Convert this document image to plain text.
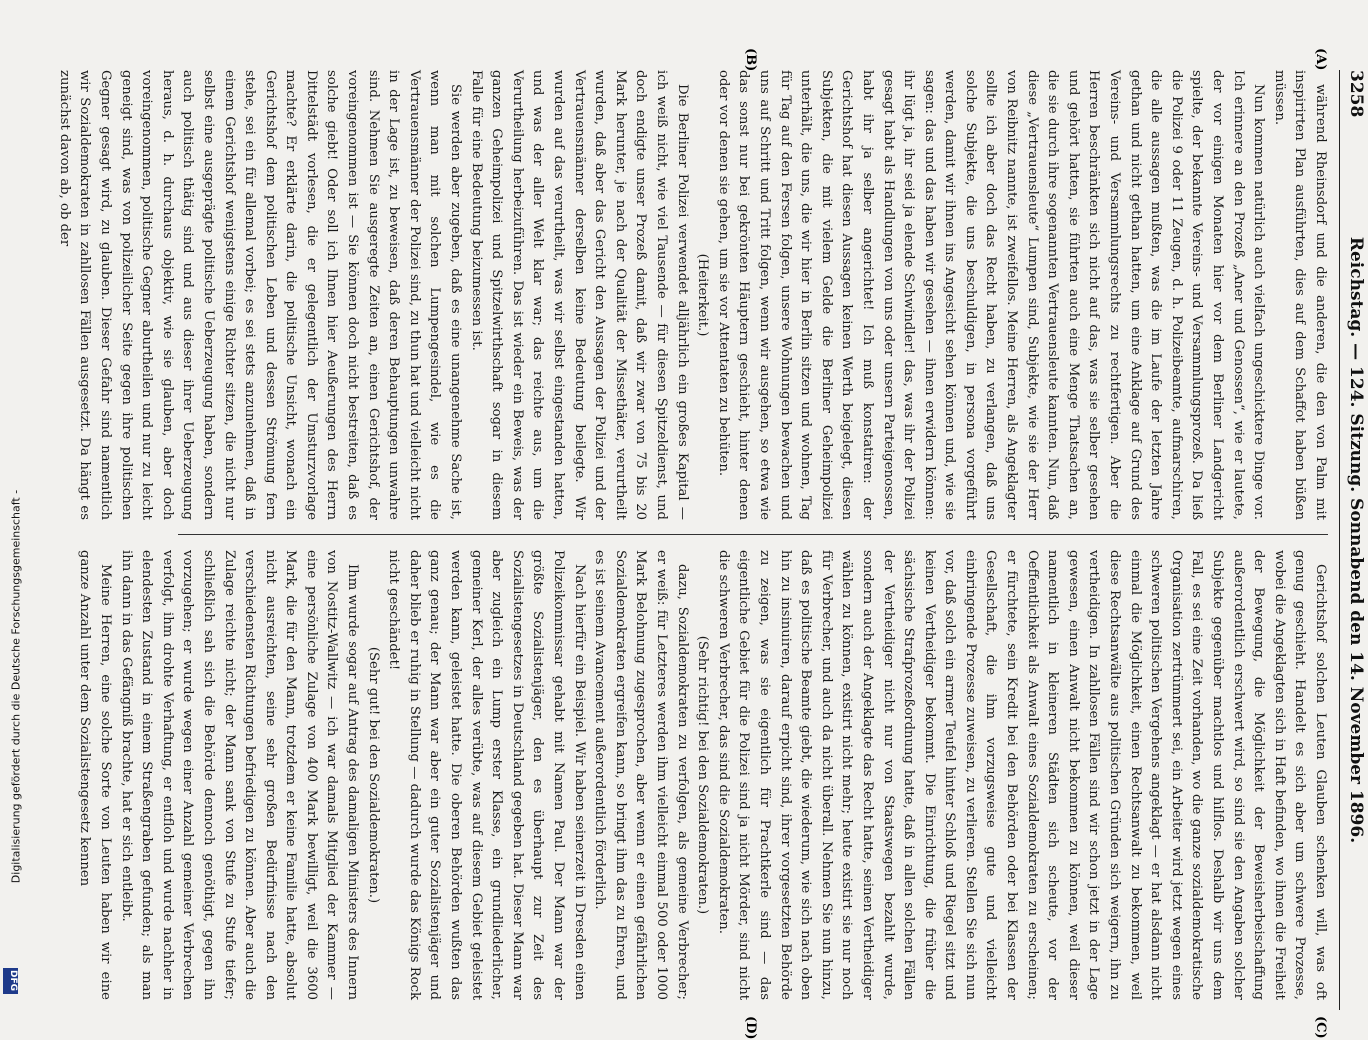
3258
Reichstag. — 124. Sitzung. Sonnabend den 14. November 1896.
(A)
(B)
(C)
(D)

während Rheinsdorf und die anderen, die den von Palm mit inspirirten Plan ausführten, dies auf dem Schaffot haben büßen müssen.

Nun kommen natürlich auch vielfach ungeschicktere Dinge vor. Ich erinnere an den Prozeß „Aner und Genossen“, wie er lautete, der vor einigen Monaten hier vor dem Berliner Landgericht spielte, der bekannte Vereins- und Versammlungsprozeß. Da ließ die Polizei 9 oder 11 Zeugen, d. h. Polizeibeamte, aufmarschiren, die alle aussagen mußten, was die im Laufe der letzten Jahre gethan und nicht gethan hatten, um eine Anklage auf Grund des Vereins- und Versammlungsrechts zu rechtfertigen. Aber die Herren beschränkten sich nicht auf das, was sie selber gesehen und gehört hatten, sie führten auch eine Menge Thatsachen an, die sie durch ihre sogenannten Vertrauensleute kannten. Nun, daß diese „Vertrauensleute“ Lumpen sind, Subjekte, wie sie der Herr von Reibnitz nannte, ist zweifellos. Meine Herren, als Angeklagter sollte ich aber doch das Recht haben, zu verlangen, daß uns solche Subjekte, die uns beschuldigen, in persona vorgeführt werden, damit wir ihnen ins Angesicht sehen können und, wie sie sagen: das und das haben wir gesehen — ihnen erwidern können: ihr lügt ja, ihr seid ja elende Schwindler! das, was ihr der Polizei gesagt habt als Handlungen von uns oder unsern Parteigenossen, habt ihr ja selber angerichtet! Ich muß konstatiren: der Gerichtshof hat diesen Aussagen keinen Werth beigelegt, diesen Subjekten, die mit vielem Gelde die Berliner Geheimpolizei unterhält, die uns, die wir hier in Berlin sitzen und wohnen, Tag für Tag auf den Fersen folgen, unsere Wohnungen bewachen und uns auf Schritt und Tritt folgen, wenn wir ausgehen, so etwa wie das sonst nur bei gekrönten Häuptern geschieht, hinter denen oder vor denen sie gehen, um sie vor Attentaten zu behüten.

(Heiterkeit.)

Die Berliner Polizei verwendet alljährlich ein großes Kapital — ich weiß nicht, wie viel Tausende — für diesen Spitzeldienst, und doch endigte unser Prozeß damit, daß wir zwar von 75 bis 20 Mark herunter, je nach der Qualität der Missethäter, verurtheilt wurden, daß aber das Gericht den Aussagen der Polizei und der Vertrauensmänner derselben keine Bedeutung beilegte. Wir wurden auf das verurtheilt, was wir selbst eingestanden hatten, und was der aller Welt klar war; das reichte aus, um die Verurtheilung herbeizuführen. Das ist wieder ein Beweis, was der ganzen Geheimpolizei und Spitzelwirthschaft sogar in diesem Falle für eine Bedeutung beizumessen ist.

Sie werden aber zugeben, daß es eine unangenehme Sache ist, wenn man mit solchen Lumpengesindel, wie es die Vertrauensmänner der Polizei sind, zu thun hat und vielleicht nicht in der Lage ist, zu beweisen, daß deren Behauptungen unwahre sind. Nehmen Sie ausgeregte Zeiten an, einen Gerichtshof, der voreingenommen ist — Sie können doch nicht bestreiten, daß es solche giebt! Oder soll ich Ihnen hier Aeußerungen des Herrn Dittelstädt vorlesen, die er gelegentlich der Umsturzvorlage machte? Er erklärte darin, die politische Unsicht, wonach ein Gerichtshof dem politischen Leben und dessen Strömung fern stehe, sei ein für allemal vorbei; es sei stets anzunehmen, daß in einem Gerichtshof wenigstens einige Richter sitzen, die nicht nur selbst eine ausgeprägte politische Ueberzeugung haben, sondern auch politisch thätig sind und aus dieser ihrer Ueberzeugung heraus, d. h. durchaus objektiv, wie sie glauben, aber doch voreingenommen, politische Gegner aburtheilen und nur zu leicht geneigt sind, was von polizeilicher Seite gegen ihre politischen Gegner gesagt wird, zu glauben. Dieser Gefahr sind namentlich wir Sozialdemokraten in zahllosen Fällen ausgesetzt. Da hängt es zunächst davon ab, ob der

Gerichtshof solchen Leuten Glauben schenken will, was oft genug geschieht. Handelt es sich aber um schwere Prozesse, wobei die Angeklagten sich in Haft befinden, wo ihnen die Freiheit der Bewegung, die Möglichkeit der Beweisherbeischaffung außerordentlich erschwert wird, so sind sie den Angaben solcher Subjekte gegenüber machtlos und hilflos. Deshalb wir uns dem Fall, es sei eine Zeit vorhanden, wo die ganze sozialdemokratische Organisation zertrümmert sei, ein Arbeiter wird jetzt wegen eines schweren politischen Vergehens angeklagt — er hat alsdann nicht einmal die Möglichkeit, einen Rechtsanwalt zu bekommen, weil diese Rechtsanwälte aus politischen Gründen sich weigern, ihn zu vertheidigen. In zahllosen Fällen sind wir schon jetzt in der Lage gewesen, einen Anwalt nicht bekommen zu können, weil dieser namentlich in kleineren Städten sich scheute, vor der Oeffentlichkeit als Anwalt eines Sozialdemokraten zu erscheinen; er fürchtete, sein Kredit bei den Behörden oder bei Klassen der Gesellschaft, die ihm vorzugsweise gute und vielleicht einbringende Prozesse zuweisen, zu verlieren. Stellen Sie sich nun vor, daß solch ein armer Teufel hinter Schloß und Riegel sitzt und keinen Vertheidiger bekommt. Die Einrichtung, die früher die sächsische Strafprozeßordnung hatte, daß in allen solchen Fällen der Vertheidiger nicht nur von Staatswegen bezahlt wurde, sondern auch der Angeklagte das Recht hatte, seinen Vertheidiger wählen zu können, existirt nicht mehr; heute existirt sie nur noch für Verbrecher, und auch da nicht überall. Nehmen Sie nun hinzu, daß es politische Beamte giebt, die wiederum, wie sich nach oben hin zu insinuiren, darauf erpicht sind, ihrer vorgesetzten Behörde zu zeigen, was sie eigentlich für Prachtkerle sind — das eigentliche Gebiet für die Polizei sind ja nicht Mörder, sind nicht die schweren Verbrecher, das sind die Sozialdemokraten.

(Sehr richtig! bei den Sozialdemokraten.)

dazu, Sozialdemokraten zu verfolgen, als gemeine Verbrecher; er weiß: für Letzteres werden ihm vielleicht einmal 500 oder 1000 Mark Belohnung zugesprochen, aber wenn er einen gefährlichen Sozialdemokraten ergreifen kann, so bringt ihm das zu Ehren, und es ist seinem Avancement außerordentlich förderlich.

Nach hierfür ein Beispiel. Wir haben seinerzeit in Dresden einen Polizeikommissar gehabt mit Namen Paul. Der Mann war der größte Sozialistenjäger, den es überhaupt zur Zeit des Sozialistengesetzes in Deutschland gegeben hat. Dieser Mann war aber zugleich ein Lump erster Klasse, ein grundliederlicher, gemeiner Kerl, der alles verübte, was auf diesem Gebiet geleistet werden kann, geleistet hatte. Die oberen Behörden wußten das ganz genau; der Mann war aber ein guter Sozialistenjäger und daher blieb er ruhig in Stellung — dadurch wurde das Königs Rock nicht geschändet!

(Sehr gut! bei den Sozialdemokraten.)

Ihm wurde sogar auf Antrag des damaligen Ministers des Innern von Nostitz-Wallwitz — ich war damals Mitglied der Kammer — eine persönliche Zulage von 400 Mark bewilligt, weil die 3600 Mark, die für den Mann, trotzdem er keine Familie hatte, absolut nicht ausreichten, seine sehr großen Bedürfnisse nach den verschiedensten Richtungen befriedigen zu können. Aber auch die Zulage reichte nicht; der Mann sank von Stufe zu Stufe tiefer; schließlich sah sich die Behörde dennoch genöthigt, gegen ihn vorzugehen; er wurde wegen einer Anzahl gemeiner Verbrechen verfolgt, ihm drohte Verhaftung, er entfloh und wurde nachher in elendesten Zustand in einem Straßengraben gefunden; als man ihn dann in das Gefängniß brachte, hat er sich entleibt.

Meine Herren, eine solche Sorte von Leuten haben wir eine ganze Anzahl unter dem Sozialistengesetz kennen

Digitalisierung gefördert durch die Deutsche Forschungsgemeinschaft -
DFG
